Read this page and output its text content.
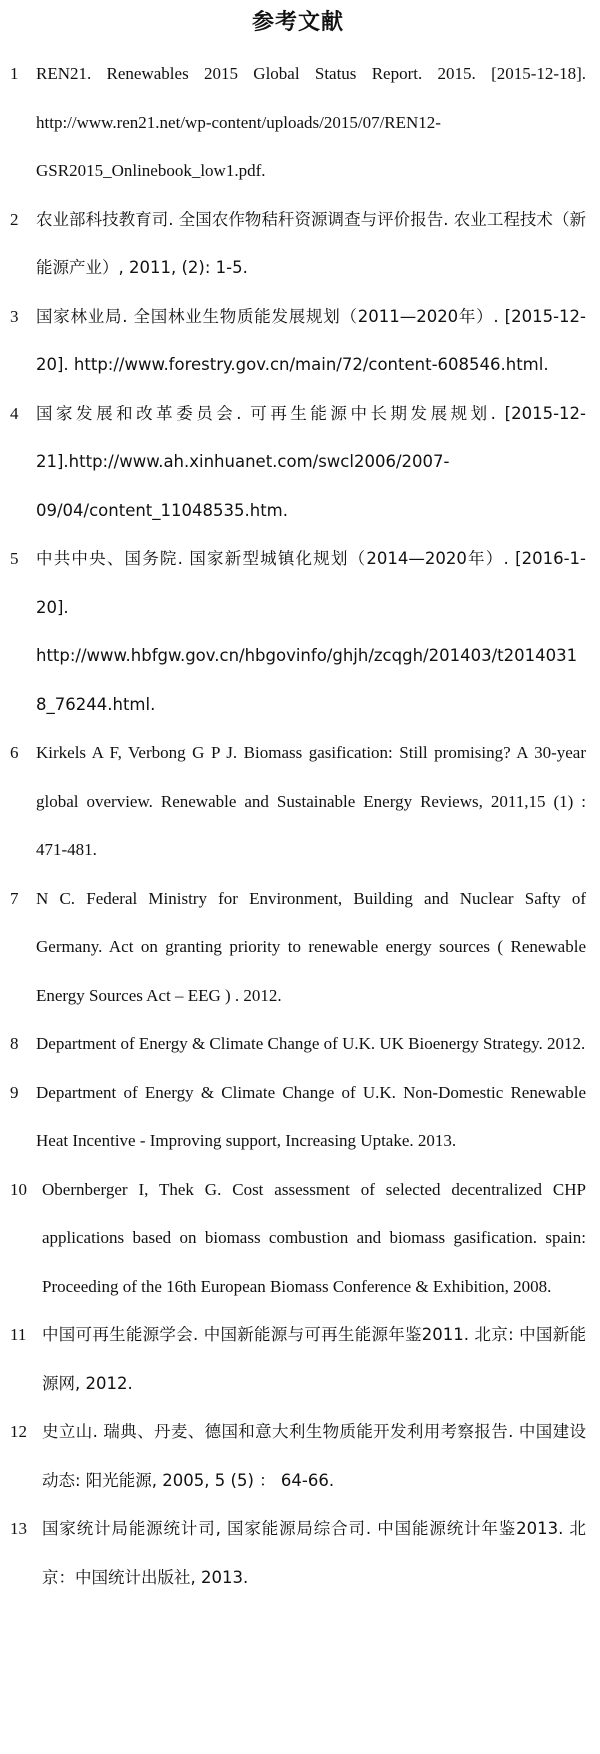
参考文献
1 REN21. Renewables 2015 Global Status Report. 2015. [2015-12-18]. http://www.ren21.net/wp-content/uploads/2015/07/REN12-GSR2015_Onlinebook_low1.pdf.
2 农业部科技教育司. 全国农作物秸秆资源调查与评价报告. 农业工程技术（新能源产业）, 2011, (2): 1-5.
3 国家林业局. 全国林业生物质能发展规划（2011—2020年）. [2015-12-20]. http://www.forestry.gov.cn/main/72/content-608546.html.
4 国家发展和改革委员会. 可再生能源中长期发展规划. [2015-12-21].http://www.ah.xinhuanet.com/swcl2006/2007-09/04/content_11048535.htm.
5 中共中央、国务院. 国家新型城镇化规划（2014—2020年）. [2016-1-20]. http://www.hbfgw.gov.cn/hbgovinfo/ghjh/zcqgh/201403/t20140318_76244.html.
6 Kirkels A F, Verbong G P J. Biomass gasification: Still promising? A 30-year global overview. Renewable and Sustainable Energy Reviews, 2011,15 (1) : 471-481.
7 N C. Federal Ministry for Environment, Building and Nuclear Safty of Germany. Act on granting priority to renewable energy sources ( Renewable Energy Sources Act – EEG ) . 2012.
8 Department of Energy & Climate Change of U.K. UK Bioenergy Strategy. 2012.
9 Department of Energy & Climate Change of U.K. Non-Domestic Renewable Heat Incentive - Improving support, Increasing Uptake. 2013.
10 Obernberger I, Thek G. Cost assessment of selected decentralized CHP applications based on biomass combustion and biomass gasification. spain: Proceeding of the 16th European Biomass Conference & Exhibition, 2008.
11 中国可再生能源学会. 中国新能源与可再生能源年鉴2011. 北京: 中国新能源网, 2012.
12 史立山. 瑞典、丹麦、德国和意大利生物质能开发利用考察报告. 中国建设动态: 阳光能源, 2005, 5 (5) ： 64-66.
13 国家统计局能源统计司, 国家能源局综合司. 中国能源统计年鉴2013. 北京：中国统计出版社, 2013.
